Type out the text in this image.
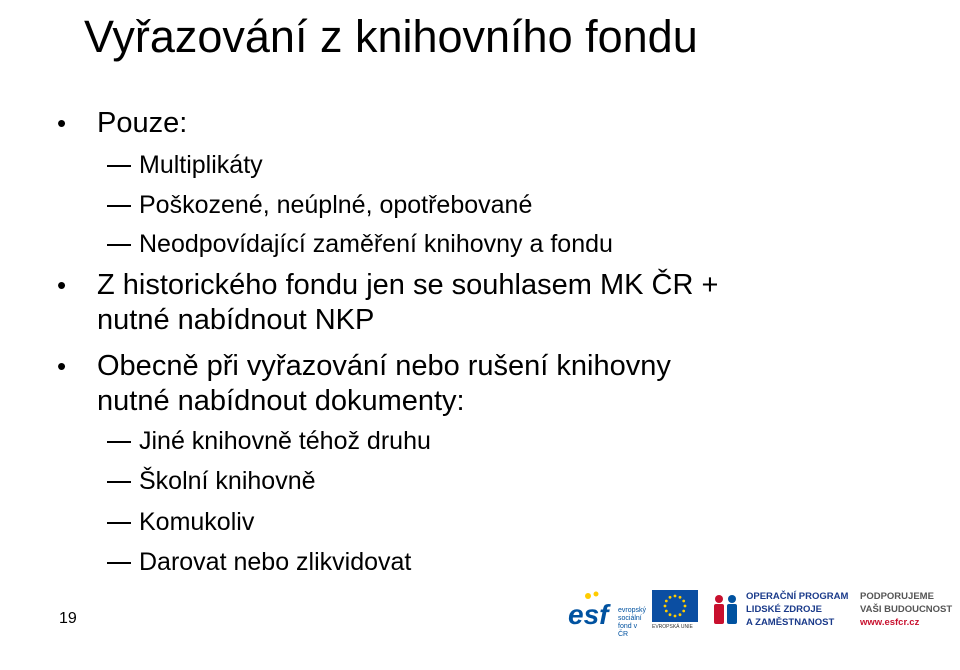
Vyřazování z knihovního fondu
• Pouze:
Multiplikáty
Poškozené, neúplné, opotřebované
Neodpovídající zaměření knihovny a fondu
• Z historického fondu jen se souhlasem MK ČR +
nutné nabídnout NKP
• Obecně při vyřazování nebo rušení knihovny
nutné nabídnout dokumenty:
Jiné knihovně téhož druhu
Školní knihovně
Komukoliv
Darovat nebo zlikvidovat
19	esf	evropský
sociální
fond v ČR
EVROPSKÁ UNIE
OPERAČNÍ PROGRAM
LIDSKÉ ZDROJE
A ZAMĚSTNANOST
PODPORUJEME
VAŠI BUDOUCNOST
www.esfcr.cz
